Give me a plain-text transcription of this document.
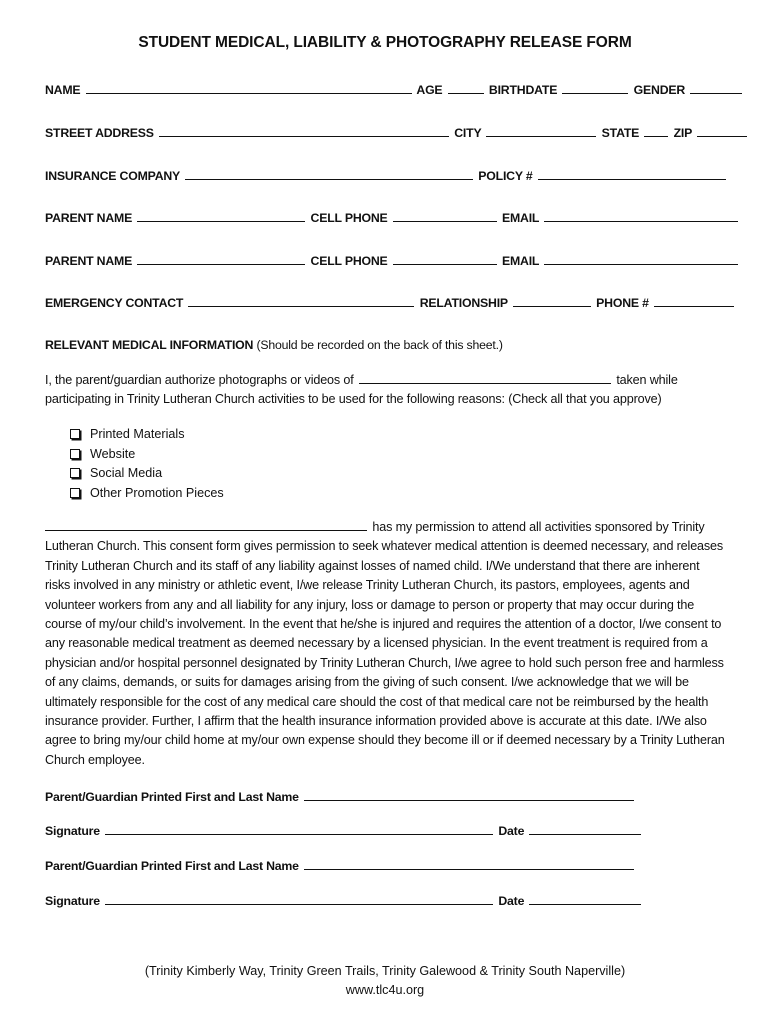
STUDENT MEDICAL, LIABILITY & PHOTOGRAPHY RELEASE FORM
NAME	AGE	BIRTHDATE	GENDER
STREET ADDRESS	CITY	STATE	ZIP
INSURANCE COMPANY	POLICY #
PARENT NAME	CELL PHONE	EMAIL
PARENT NAME	CELL PHONE	EMAIL
EMERGENCY CONTACT	RELATIONSHIP	PHONE #
RELEVANT MEDICAL INFORMATION (Should be recorded on the back of this sheet.)
I, the parent/guardian authorize photographs or videos of	taken while participating in Trinity Lutheran Church activities to be used for the following reasons: (Check all that you approve)
Printed Materials
Website
Social Media
Other Promotion Pieces
has my permission to attend all activities sponsored by Trinity Lutheran Church. This consent form gives permission to seek whatever medical attention is deemed necessary, and releases Trinity Lutheran Church and its staff of any liability against losses of named child. I/We understand that there are inherent risks involved in any ministry or athletic event, I/we release Trinity Lutheran Church, its pastors, employees, agents and volunteer workers from any and all liability for any injury, loss or damage to person or property that may occur during the course of my/our child’s involvement. In the event that he/she is injured and requires the attention of a doctor, I/we consent to any reasonable medical treatment as deemed necessary by a licensed physician. In the event treatment is required from a physician and/or hospital personnel designated by Trinity Lutheran Church, I/we agree to hold such person free and harmless of any claims, demands, or suits for damages arising from the giving of such consent. I/we acknowledge that we will be ultimately responsible for the cost of any medical care should the cost of that medical care not be reimbursed by the health insurance provider. Further, I affirm that the health insurance information provided above is accurate at this date. I/We also agree to bring my/our child home at my/our own expense should they become ill or if deemed necessary by a Trinity Lutheran Church employee.
Parent/Guardian Printed First and Last Name
Signature	Date
Parent/Guardian Printed First and Last Name
Signature	Date
(Trinity Kimberly Way, Trinity Green Trails, Trinity Galewood & Trinity South Naperville)
www.tlc4u.org
